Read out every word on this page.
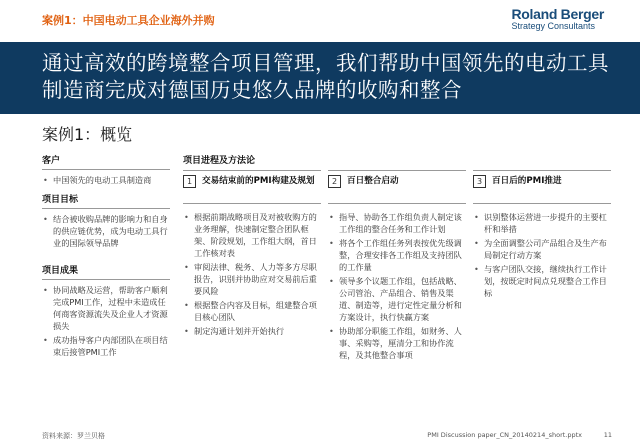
案例1：中国电动工具企业海外并购	Roland Berger
Strategy Consultants
通过高效的跨境整合项目管理，我们帮助中国领先的电动工具制造商完成对德国历史悠久品牌的收购和整合
案例1：概览
客户
• 中国领先的电动工具制造商
项目目标
• 结合被收购品牌的影响力和自身的供应链优势，成为电动工具行业的国际领导品牌
项目成果
• 协同战略及运营，帮助客户顺利完成PMI工作，过程中未造成任何商客资源流失及企业人才资源损失
• 成功指导客户内部团队在项目结束后接管PMI工作
项目进程及方法论
1	交易结束前的PMI构建及规划
• 根据前期战略项目及对被收购方的业务理解，快速制定整合团队框架、阶段规划，工作组大纲，首日工作核对表
• 审阅法律、税务、人力等多方尽职报告，识别并协助应对交易前后重要风险
• 根据整合内容及目标，组建整合项目核心团队
• 制定沟通计划并开始执行
2	百日整合启动
• 指导、协助各工作组负责人制定该工作组的整合任务和工作计划
• 将各个工作组任务列表按优先级调整，合理安排各工作组及支持团队的工作量
• 领导多个议题工作组，包括战略、公司管治、产品组合、销售及渠道、制造等，进行定性定量分析和方案设计，执行快赢方案
• 协助部分职能工作组，如财务、人事、采购等，厘清分工和协作流程，及其他整合事项
3	百日后的PMI推进
• 识别整体运营进一步提升的主要杠杆和举措
• 为全面调整公司产品组合及生产布局制定行动方案
• 与客户团队交接，继续执行工作计划，按既定时间点兑现整合工作目标
资料来源：罗兰贝格	PMI Discussion paper_CN_20140214_short.pptx	11
